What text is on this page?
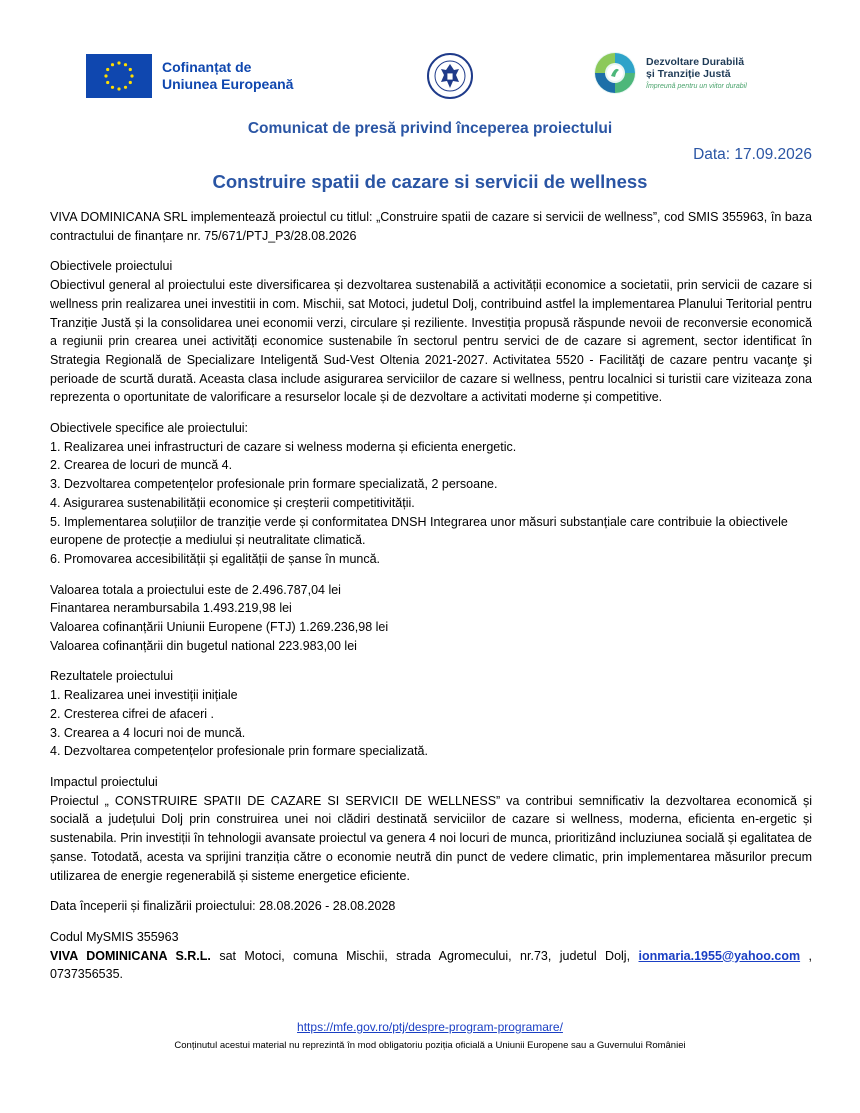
Cofinanțat de
Uniunea Europeană
Dezvoltare Durabilă
și Tranziție Justă
Împreună pentru un viitor durabil
Comunicat de presă privind începerea proiectului
Data: 17.09.2026
Construire spatii de cazare si servicii de wellness

VIVA DOMINICANA SRL implementează proiectul cu titlul: „Construire spatii de cazare si servicii de wellness”, cod SMIS 355963, în baza contractului de finanțare nr. 75/671/PTJ_P3/28.08.2026

Obiectivele proiectului

Obiectivul general al proiectului este diversificarea și dezvoltarea sustenabilă a activității economice a societatii, prin servicii de cazare si wellness prin realizarea unei investitii in com. Mischii, sat Motoci, judetul Dolj, contribuind astfel la implementarea Planului Teritorial pentru Tranziție Justă și la consolidarea unei economii verzi, circulare și reziliente. Investiția propusă răspunde nevoii de reconversie economică a regiunii prin crearea unei activități economice sustenabile în sectorul pentru servici de de cazare si agrement, sector identificat în Strategia Regională de Specializare Inteligentă Sud-Vest Oltenia 2021-2027. Activitatea 5520 - Facilităţi de cazare pentru vacanţe şi perioade de scurtă durată. Aceasta clasa include asigurarea serviciilor de cazare si wellness, pentru localnici si turistii care viziteaza zona reprezenta o oportunitate de valorificare a resurselor locale și de dezvoltare a activitati moderne și competitive.

Obiectivele specifice ale proiectului:

1. Realizarea unei infrastructuri de cazare si welness moderna și eficienta energetic.

2. Crearea de locuri de muncă 4.

3. Dezvoltarea competențelor profesionale prin formare specializată, 2 persoane.

4. Asigurarea sustenabilității economice și creșterii competitivității.

5. Implementarea soluțiilor de tranziție verde și conformitatea DNSH Integrarea unor măsuri substanțiale care contribuie la obiectivele europene de protecție a mediului și neutralitate climatică.

6. Promovarea accesibilității și egalității de șanse în muncă.

Valoarea totala a proiectului este de 2.496.787,04 lei

Finantarea nerambursabila 1.493.219,98 lei

Valoarea cofinanțării Uniunii Europene (FTJ) 1.269.236,98 lei

Valoarea cofinanțării din bugetul national 223.983,00 lei

Rezultatele proiectului

1. Realizarea unei investiții inițiale

2. Cresterea cifrei de afaceri .

3. Crearea a 4 locuri noi de muncă.

4. Dezvoltarea competențelor profesionale prin formare specializată.

Impactul proiectului

Proiectul „ CONSTRUIRE SPATII DE CAZARE SI SERVICII DE WELLNESS” va contribui semnificativ la dezvoltarea economică și socială a județului Dolj prin construirea unei noi clădiri destinată serviciilor de cazare si wellness, moderna, eficienta en-ergetic și sustenabila. Prin investiții în tehnologii avansate proiectul va genera 4 noi locuri de munca, prioritizând incluziunea socială și egalitatea de șanse. Totodată, acesta va sprijini tranziția către o economie neutră din punct de vedere climatic, prin implementarea măsurilor precum utilizarea de energie regenerabilă și sisteme energetice eficiente.

Data începerii și finalizării proiectului: 28.08.2026 - 28.08.2028

Codul MySMIS 355963

VIVA DOMINICANA S.R.L. sat Motoci, comuna Mischii, strada Agromecului, nr.73, judetul Dolj, ionmaria.1955@yahoo.com , 0737356535.

https://mfe.gov.ro/ptj/despre-program-programare/
Conținutul acestui material nu reprezintă în mod obligatoriu poziția oficială a Uniunii Europene sau a Guvernului României
